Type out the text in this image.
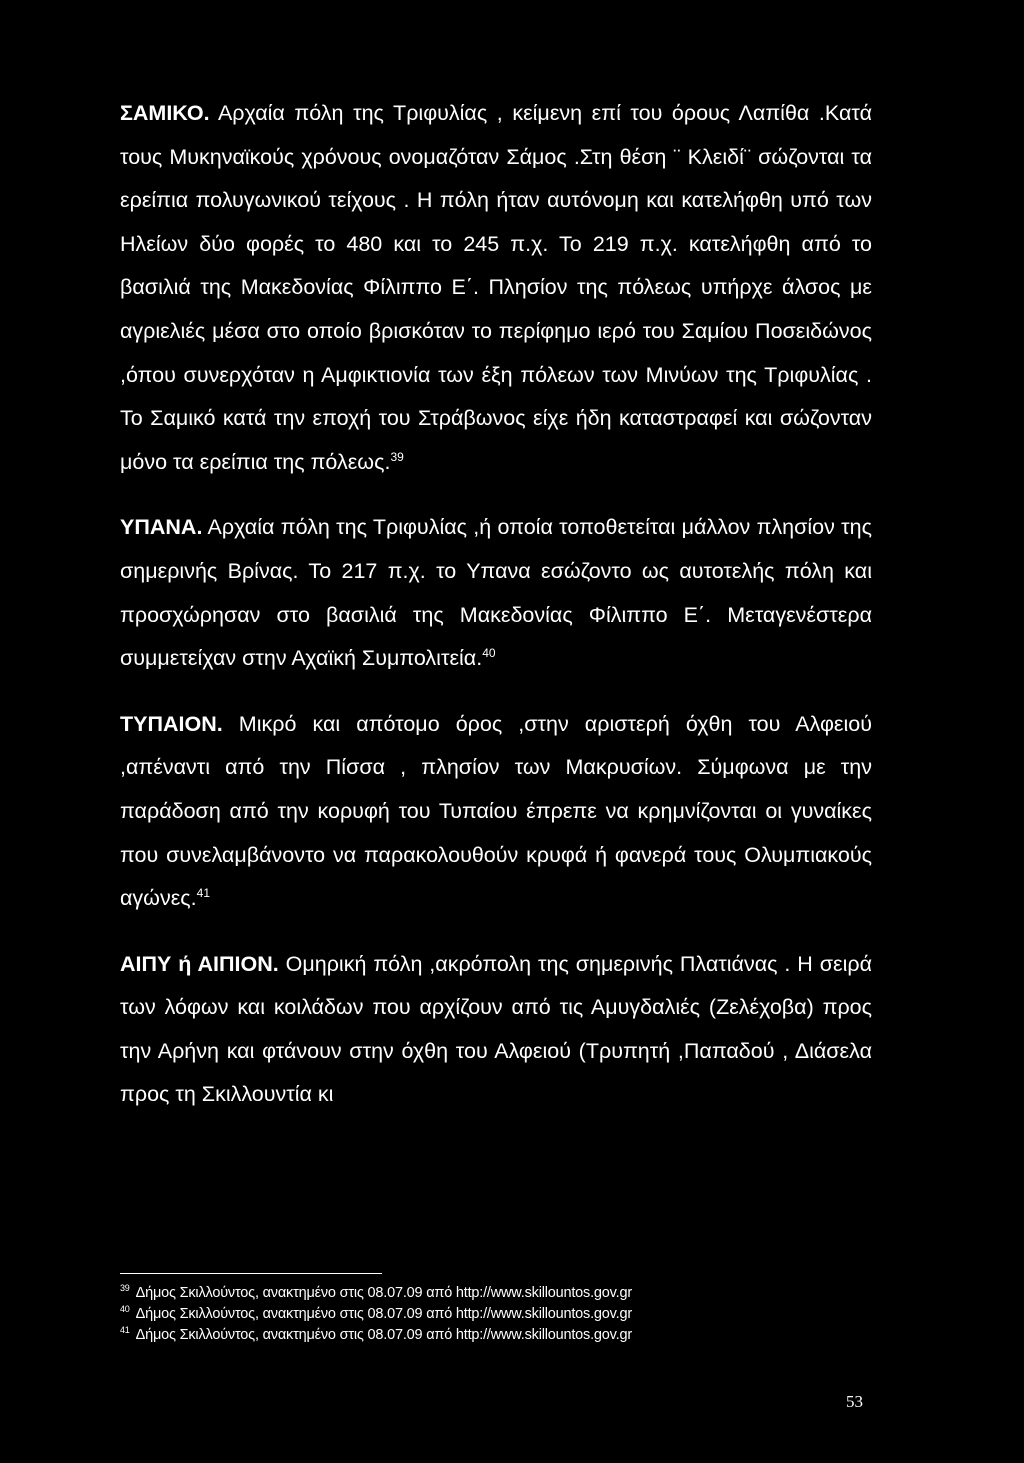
ΣΑΜΙΚΟ. Αρχαία πόλη της Τριφυλίας , κείμενη επί του όρους Λαπίθα .Κατά τους Μυκηναϊκούς χρόνους ονομαζόταν Σάμος .Στη θέση ¨ Κλειδί¨ σώζονται τα ερείπια πολυγωνικού τείχους . Η πόλη ήταν αυτόνομη και κατελήφθη υπό των Ηλείων δύο φορές το 480 και το 245 π.χ. Το 219 π.χ. κατελήφθη από το βασιλιά της Μακεδονίας Φίλιππο Ε΄. Πλησίον της πόλεως υπήρχε άλσος με αγριελιές μέσα στο οποίο βρισκόταν το περίφημο ιερό του Σαμίου Ποσειδώνος ,όπου συνερχόταν η Αμφικτιονία των έξη πόλεων των Μινύων της Τριφυλίας . Το Σαμικό κατά την εποχή του Στράβωνος είχε ήδη καταστραφεί και σώζονταν μόνο τα ερείπια της πόλεως.$^{39}$

ΥΠΑΝΑ. Αρχαία πόλη της Τριφυλίας ,ή οποία τοποθετείται μάλλον πλησίον της σημερινής Βρίνας. Το 217 π.χ. το Υπανα εσώζοντο ως αυτοτελής πόλη και προσχώρησαν στο βασιλιά της Μακεδονίας Φίλιππο Ε΄. Μεταγενέστερα συμμετείχαν στην Αχαϊκή Συμπολιτεία.$^{40}$

ΤΥΠΑΙΟΝ. Μικρό και απότομο όρος ,στην αριστερή όχθη του Αλφειού ,απέναντι από την Πίσσα , πλησίον των Μακρυσίων. Σύμφωνα με την παράδοση από την κορυφή του Τυπαίου έπρεπε να κρημνίζονται οι γυναίκες που συνελαμβάνοντο να παρακολουθούν κρυφά ή φανερά τους Ολυμπιακούς αγώνες.$^{41}$

ΑΙΠΥ ή ΑΙΠΙΟΝ. Ομηρική πόλη ,ακρόπολη της σημερινής Πλατιάνας . Η σειρά των λόφων και κοιλάδων που αρχίζουν από τις Αμυγδαλιές (Ζελέχοβα) προς την Αρήνη και φτάνουν στην όχθη του Αλφειού (Τρυπητή ,Παπαδού , Διάσελα προς τη Σκιλλουντία κι

$^{39}$ Δήμος Σκιλλούντος, ανακτημένο στις 08.07.09 από http://www.skillountos.gov.gr
$^{40}$ Δήμος Σκιλλούντος, ανακτημένο στις 08.07.09 από http://www.skillountos.gov.gr
$^{41}$ Δήμος Σκιλλούντος, ανακτημένο στις 08.07.09 από http://www.skillountos.gov.gr
53
